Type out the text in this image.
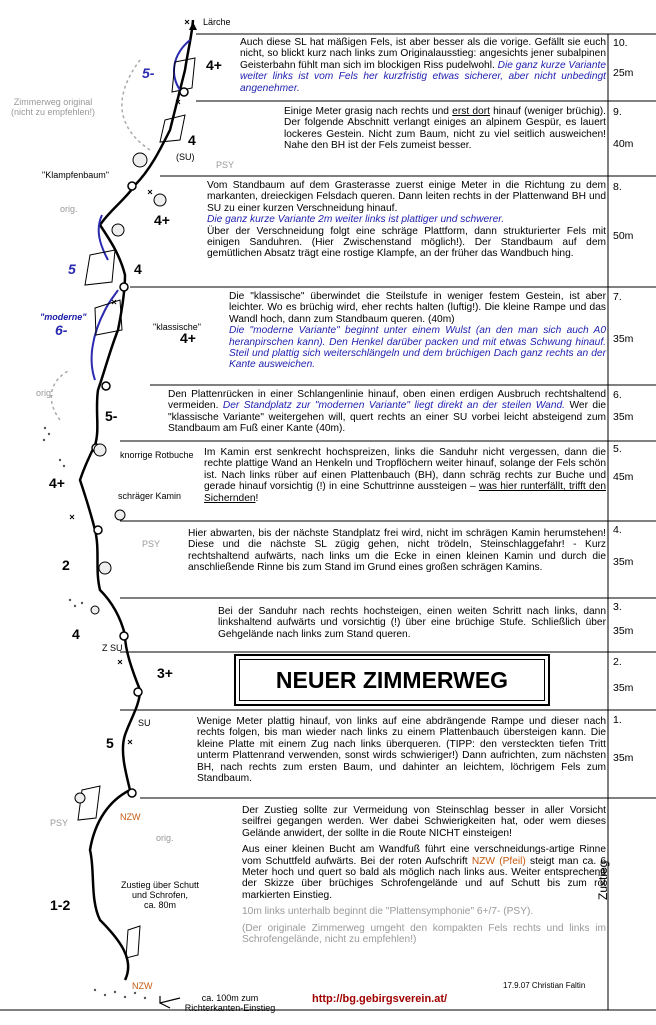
Lärche
Zimmerweg original
(nicht zu empfehlen!)
"Klampfenbaum"
orig.
"moderne"
"klassische"
orig.
knorrige Rotbuche
schräger Kamin
PSY
PSY
Z SU
SU
(SU)
PSY
NZW
orig.
Zustieg über Schutt
und Schrofen,
ca. 80m
NZW
ca. 100m zum
Richterkanten-Einstieg
4+
5-
4
4+
5	4
4+
6-
5-
4+
2
4
3+
5
1-2

Auch diese SL hat mäßigen Fels, ist aber besser als die vorige. Gefällt sie euch nicht, so blickt kurz nach links zum Originalausstieg: angesichts jener subalpinen Geisterbahn fühlt man sich im blockigen Riss pudelwohl. Die ganz kurze Variante weiter links ist vom Fels her kurzfristig etwas sicherer, aber nicht unbedingt angenehmer.

Einige Meter grasig nach rechts und erst dort hinauf (weniger brüchig). Der folgende Abschnitt verlangt einiges an alpinem Gespür, es lauert lockeres Gestein. Nicht zum Baum, nicht zu viel seitlich ausweichen! Nahe den BH ist der Fels zumeist besser.

Vom Standbaum auf dem Grasterasse zuerst einige Meter in die Richtung zu dem markanten, dreieckigen Felsdach queren. Dann leiten rechts in der Plattenwand BH und SU zu einer kurzen Verschneidung hinauf.

Die ganz kurze Variante 2m weiter links ist plattiger und schwerer.

Über der Verschneidung folgt eine schräge Plattform, dann strukturierter Fels mit einigen Sanduhren. (Hier Zwischenstand möglich!). Der Standbaum auf dem gemütlichen Absatz trägt eine rostige Klampfe, an der früher das Wandbuch hing.

Die "klassische" überwindet die Steilstufe in weniger festem Gestein, ist aber leichter. Wo es brüchig wird, eher rechts halten (luftig!). Die kleine Rampe und das Wandl hoch, dann zum Standbaum queren. (40m)

Die "moderne Variante" beginnt unter einem Wulst (an den man sich auch A0 heranpirschen kann). Den Henkel darüber packen und mit etwas Schwung hinauf. Steil und plattig sich weiterschlängeln und dem brüchigen Dach ganz rechts an der Kante ausweichen.

Den Plattenrücken in einer Schlangenlinie hinauf, oben einen erdigen Ausbruch rechtshaltend vermeiden. Der Standplatz zur "modernen Variante" liegt direkt an der steilen Wand. Wer die "klassische Variante" weitergehen will, quert rechts an einer SU vorbei leicht absteigend zum Standbaum am Fuß einer Kante (40m).

Im Kamin erst senkrecht hochspreizen, links die Sanduhr nicht vergessen, dann die rechte plattige Wand an Henkeln und Tropflöchern weiter hinauf, solange der Fels schön ist. Nach links rüber auf einen Plattenbauch (BH), dann schräg rechts zur Buche und gerade hinauf vorsichtig (!) in eine Schuttrinne aussteigen – was hier runterfällt, trifft den Sichernden!

Hier abwarten, bis der nächste Standplatz frei wird, nicht im schrägen Kamin herumstehen! Diese und die nächste SL zügig gehen, nicht trödeln, Steinschlaggefahr! - Kurz rechtshaltend aufwärts, nach links um die Ecke in einen kleinen Kamin und durch die anschließende Rinne bis zum Stand im Grund eines großen schrägen Kamins.

Bei der Sanduhr nach rechts hochsteigen, einen weiten Schritt nach links, dann linkshaltend aufwärts und vorsichtig (!) über eine brüchige Stufe. Schließlich über Gehgelände nach links zum Stand queren.

NEUER ZIMMERWEG

Wenige Meter plattig hinauf, von links auf eine abdrängende Rampe und dieser nach rechts folgen, bis man wieder nach links zu einem Plattenbauch übersteigen kann. Die kleine Platte mit einem Zug nach links überqueren. (TIPP: den versteckten tiefen Tritt unterm Plattenrand verwenden, sonst wirds schwieriger!) Dann aufrichten, zum nächsten BH, nach rechts zum ersten Baum, und dahinter an leichtem, löchrigem Fels zum Standbaum.

Der Zustieg sollte zur Vermeidung von Steinschlag besser in aller Vorsicht seilfrei gegangen werden. Wer dabei Schwierigkeiten hat, oder wem dieses Gelände anwidert, der sollte in die Route NICHT einsteigen!

Aus einer kleinen Bucht am Wandfuß führt eine verschneidungs-artige Rinne vom Schuttfeld aufwärts. Bei der roten Aufschrift NZW (Pfeil) steigt man ca. 6 Meter hoch und quert so bald als möglich nach links aus. Weiter entsprechend der Skizze über brüchiges Schrofengelände und auf Schutt bis zum rot markierten Einstieg.

10m links unterhalb beginnt die "Plattensymphonie" 6+/7- (PSY).

(Der originale Zimmerweg umgeht den kompakten Fels rechts und links im Schrofengelände, nicht zu empfehlen!)

10.
25m
9.
40m
8.
50m
7.
35m
6.
35m
5.
45m
4.
35m
3.
35m
2.
35m
1.
35m
Zustieg
17.9.07 Christian Faltin
http://bg.gebirgsverein.at/
